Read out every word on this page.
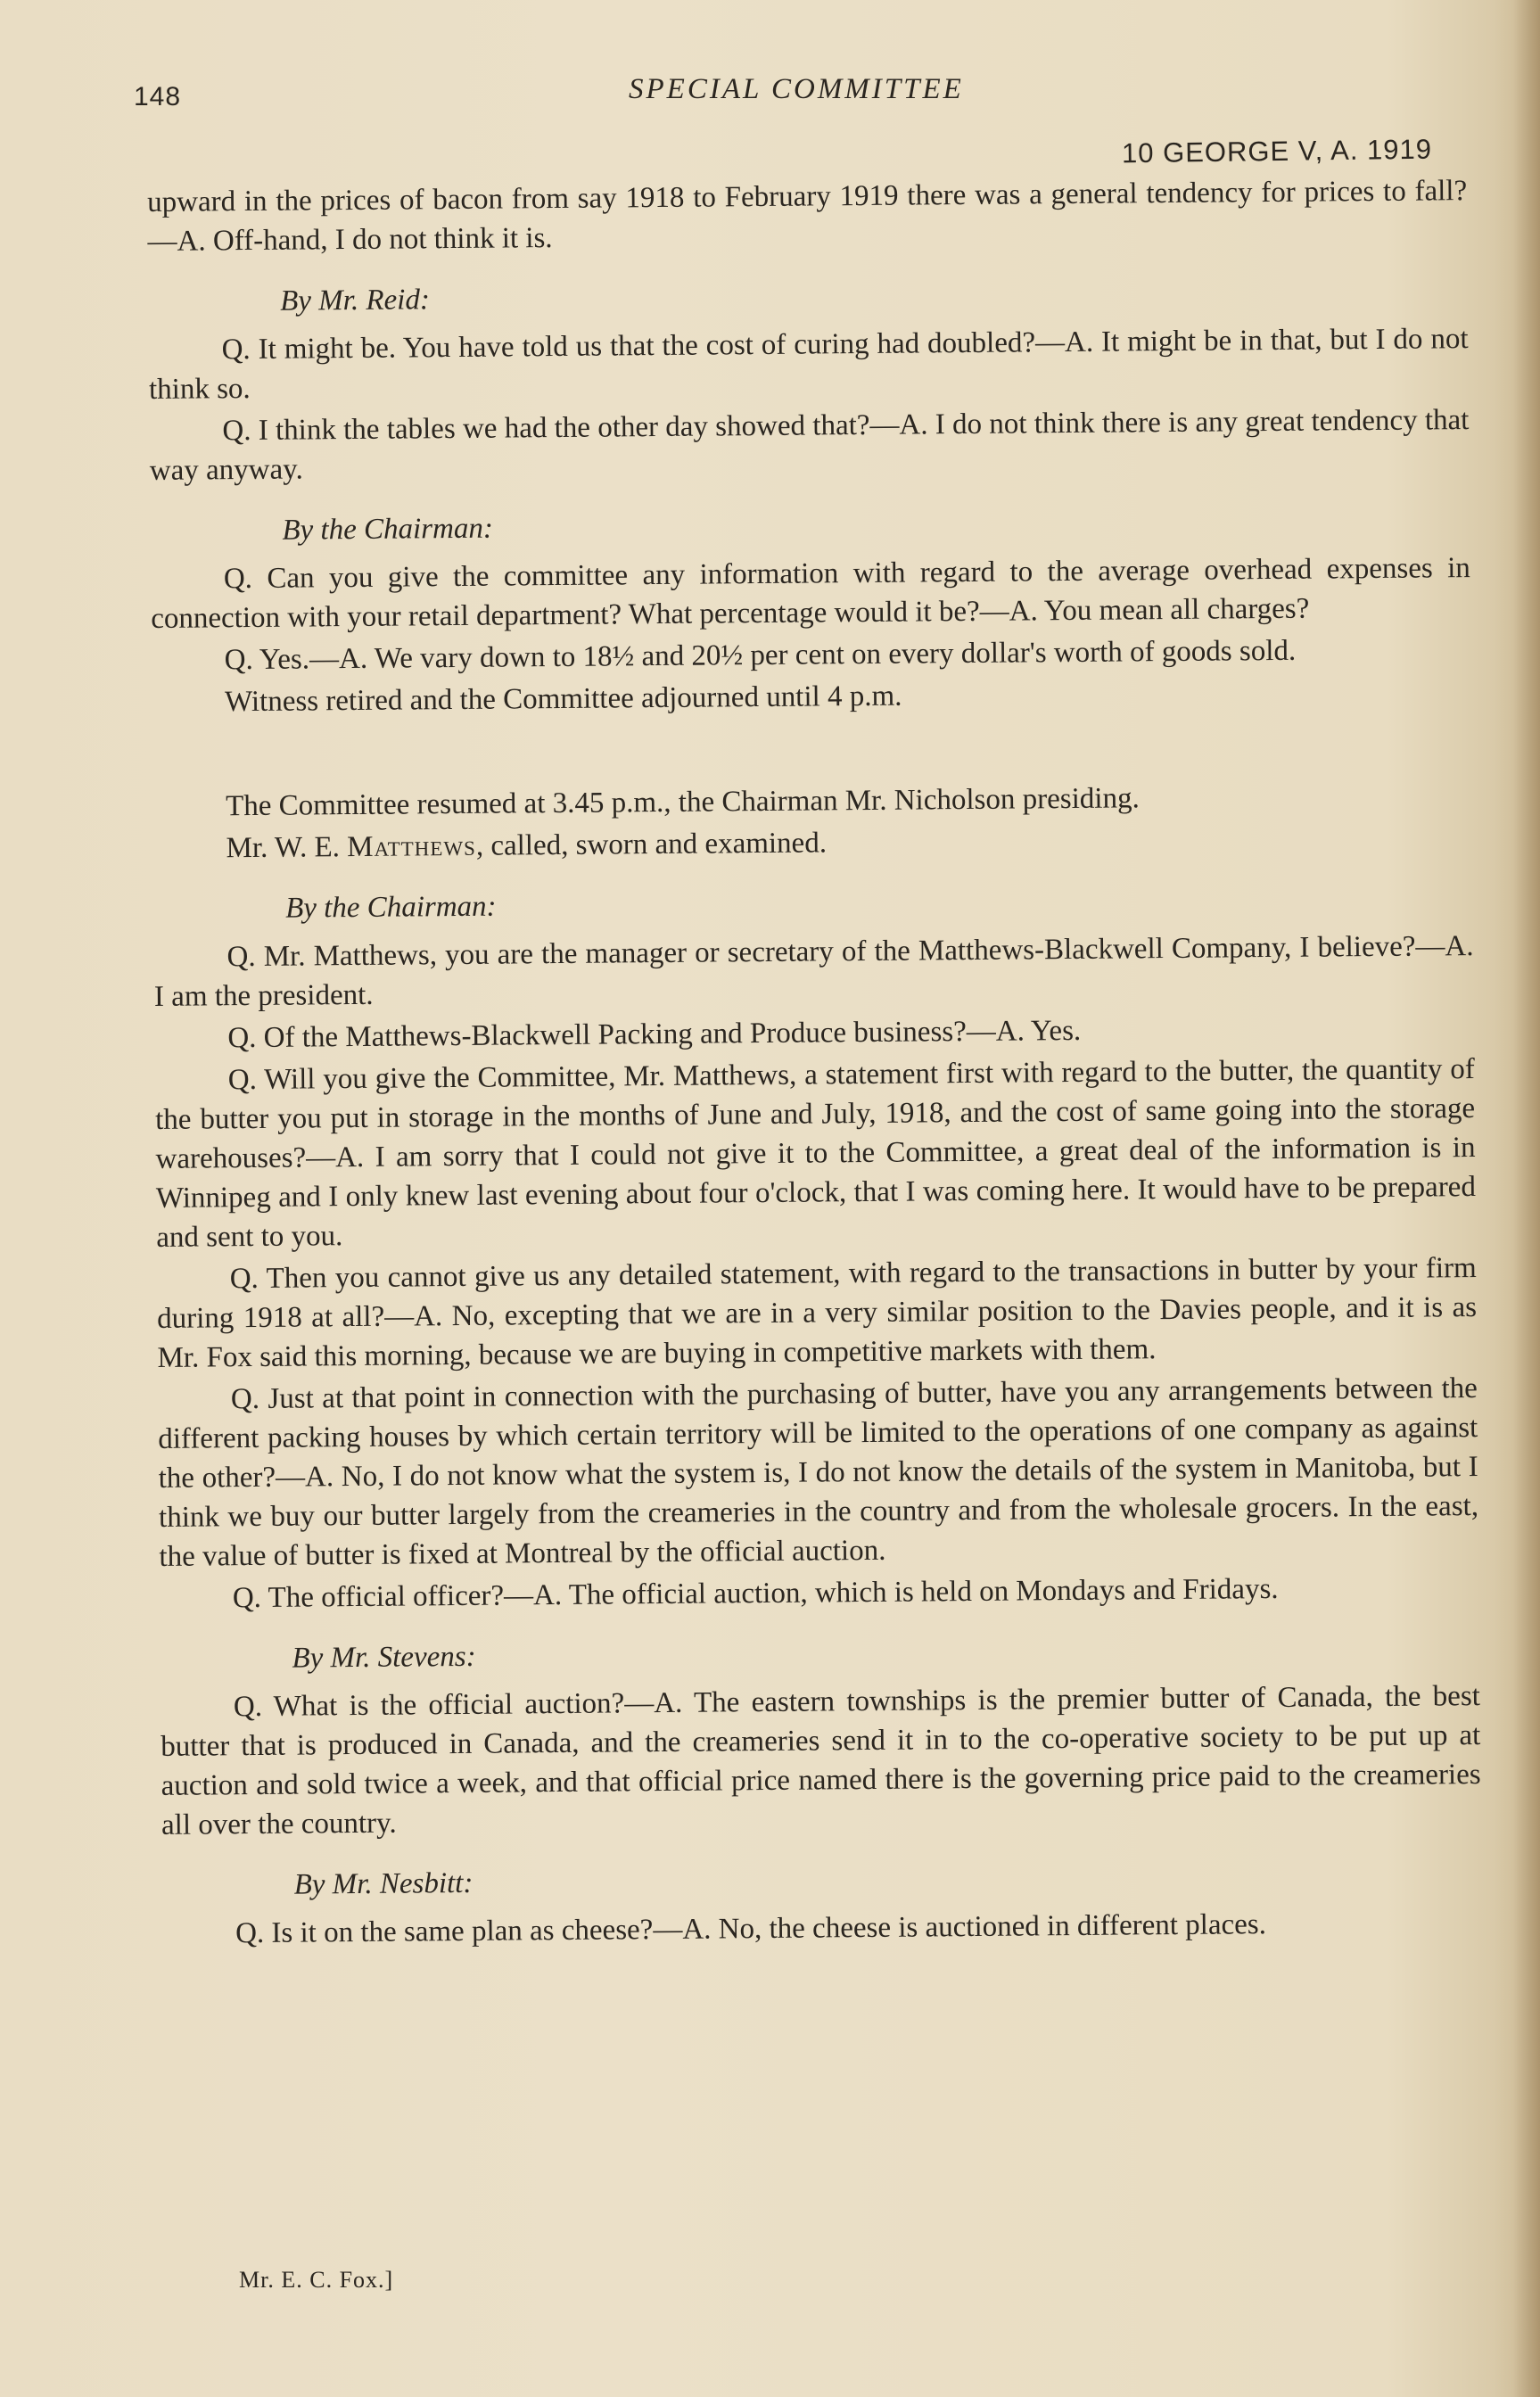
148	SPECIAL COMMITTEE
10 GEORGE V, A. 1919

upward in the prices of bacon from say 1918 to February 1919 there was a general tendency for prices to fall?—A. Off-hand, I do not think it is.

By Mr. Reid:

Q. It might be. You have told us that the cost of curing had doubled?—A. It might be in that, but I do not think so.

Q. I think the tables we had the other day showed that?—A. I do not think there is any great tendency that way anyway.

By the Chairman:

Q. Can you give the committee any information with regard to the average overhead expenses in connection with your retail department? What percentage would it be?—A. You mean all charges?

Q. Yes.—A. We vary down to 18½ and 20½ per cent on every dollar's worth of goods sold.

Witness retired and the Committee adjourned until 4 p.m.

The Committee resumed at 3.45 p.m., the Chairman Mr. Nicholson presiding.

Mr. W. E. Matthews, called, sworn and examined.

By the Chairman:

Q. Mr. Matthews, you are the manager or secretary of the Matthews-Blackwell Company, I believe?—A. I am the president.

Q. Of the Matthews-Blackwell Packing and Produce business?—A. Yes.

Q. Will you give the Committee, Mr. Matthews, a statement first with regard to the butter, the quantity of the butter you put in storage in the months of June and July, 1918, and the cost of same going into the storage warehouses?—A. I am sorry that I could not give it to the Committee, a great deal of the information is in Winnipeg and I only knew last evening about four o'clock, that I was coming here. It would have to be prepared and sent to you.

Q. Then you cannot give us any detailed statement, with regard to the transactions in butter by your firm during 1918 at all?—A. No, excepting that we are in a very similar position to the Davies people, and it is as Mr. Fox said this morning, because we are buying in competitive markets with them.

Q. Just at that point in connection with the purchasing of butter, have you any arrangements between the different packing houses by which certain territory will be limited to the operations of one company as against the other?—A. No, I do not know what the system is, I do not know the details of the system in Manitoba, but I think we buy our butter largely from the creameries in the country and from the wholesale grocers. In the east, the value of butter is fixed at Montreal by the official auction.

Q. The official officer?—A. The official auction, which is held on Mondays and Fridays.

By Mr. Stevens:

Q. What is the official auction?—A. The eastern townships is the premier butter of Canada, the best butter that is produced in Canada, and the creameries send it in to the co-operative society to be put up at auction and sold twice a week, and that official price named there is the governing price paid to the creameries all over the country.

By Mr. Nesbitt:

Q. Is it on the same plan as cheese?—A. No, the cheese is auctioned in different places.

Mr. E. C. Fox.]
